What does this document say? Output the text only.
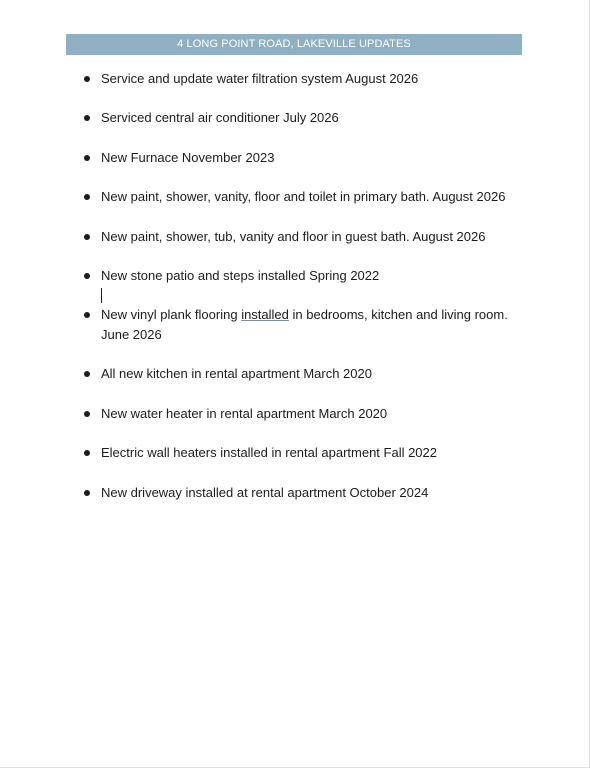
4 LONG POINT ROAD, LAKEVILLE UPDATES
Service and update water filtration system August 2026
Serviced central air conditioner July 2026
New Furnace November 2023
New paint, shower, vanity, floor and toilet in primary bath. August 2026
New paint, shower, tub, vanity and floor in guest bath. August 2026
New stone patio and steps installed Spring 2022
New vinyl plank flooring installed in bedrooms, kitchen and living room. June 2026
All new kitchen in rental apartment March 2020
New water heater in rental apartment March 2020
Electric wall heaters installed in rental apartment Fall 2022
New driveway installed at rental apartment October 2024
